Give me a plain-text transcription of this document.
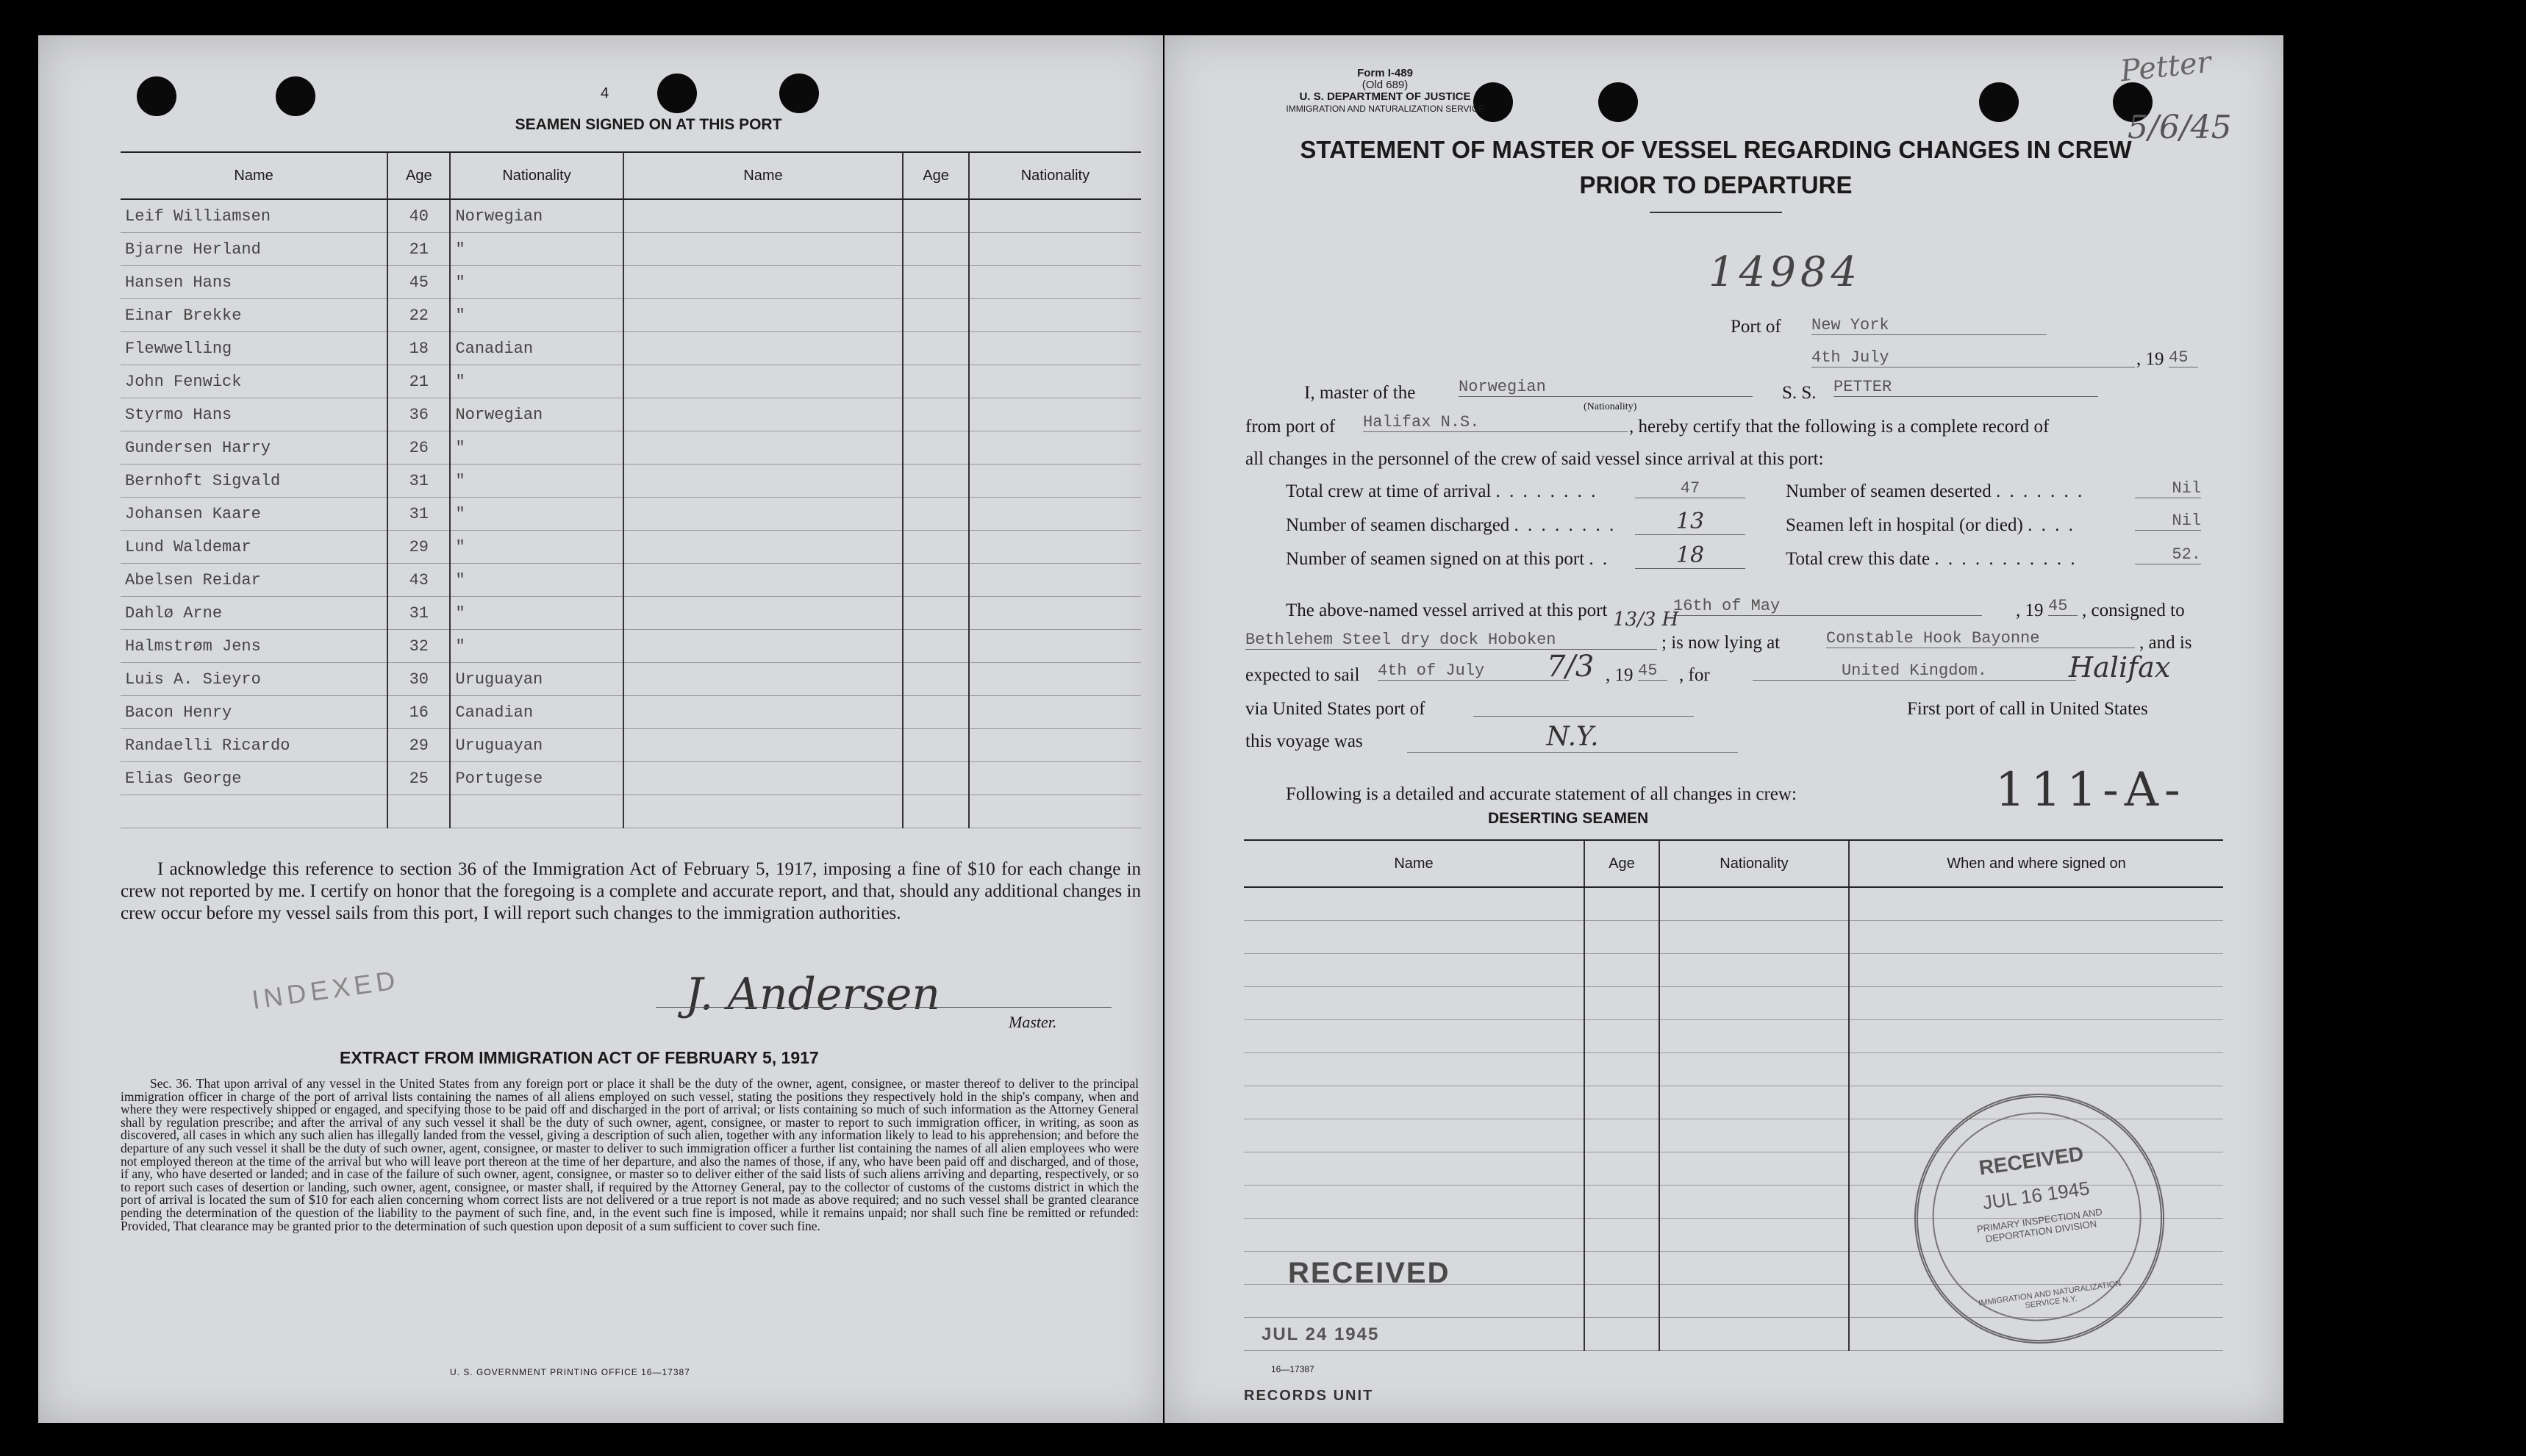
4
SEAMEN SIGNED ON AT THIS PORT
Name	Age	Nationality	Name	Age	Nationality
Leif Williamsen	40	Norwegian			
Bjarne Herland	21	"			
Hansen Hans	45	"			
Einar Brekke	22	"			
Flewwelling	18	Canadian			
John Fenwick	21	"			
Styrmo Hans	36	Norwegian			
Gundersen Harry	26	"			
Bernhoft Sigvald	31	"			
Johansen Kaare	31	"			
Lund Waldemar	29	"			
Abelsen Reidar	43	"			
Dahlø Arne	31	"			
Halmstrøm Jens	32	"			
Luis A. Sieyro	30	Uruguayan			
Bacon Henry	16	Canadian			
Randaelli Ricardo	29	Uruguayan			
Elias George	25	Portugese			

I acknowledge this reference to section 36 of the Immigration Act of February 5, 1917, imposing a fine of $10 for each change in crew not reported by me. I certify on honor that the foregoing is a complete and accurate report, and that, should any additional changes in crew occur before my vessel sails from this port, I will report such changes to the immigration authorities.
J. Andersen
Master.
INDEXED
EXTRACT FROM IMMIGRATION ACT OF FEBRUARY 5, 1917
Sec. 36. That upon arrival of any vessel in the United States from any foreign port or place it shall be the duty of the owner, agent, consignee, or master thereof to deliver to the principal immigration officer in charge of the port of arrival lists containing the names of all aliens employed on such vessel, stating the positions they respectively hold in the ship's company, when and where they were respectively shipped or engaged, and specifying those to be paid off and discharged in the port of arrival; or lists containing so much of such information as the Attorney General shall by regulation prescribe; and after the arrival of any such vessel it shall be the duty of such owner, agent, consignee, or master to report to such immigration officer, in writing, as soon as discovered, all cases in which any such alien has illegally landed from the vessel, giving a description of such alien, together with any information likely to lead to his apprehension; and before the departure of any such vessel it shall be the duty of such owner, agent, consignee, or master to deliver to such immigration officer a further list containing the names of all alien employees who were not employed thereon at the time of the arrival but who will leave port thereon at the time of her departure, and also the names of those, if any, who have been paid off and discharged, and of those, if any, who have deserted or landed; and in case of the failure of such owner, agent, consignee, or master so to deliver either of the said lists of such aliens arriving and departing, respectively, or so to report such cases of desertion or landing, such owner, agent, consignee, or master shall, if required by the Attorney General, pay to the collector of customs of the customs district in which the port of arrival is located the sum of $10 for each alien concerning whom correct lists are not delivered or a true report is not made as above required; and no such vessel shall be granted clearance pending the determination of the question of the liability to the payment of such fine, and, in the event such fine is imposed, while it remains unpaid; nor shall such fine be remitted or refunded: Provided, That clearance may be granted prior to the determination of such question upon deposit of a sum sufficient to cover such fine.
U. S. GOVERNMENT PRINTING OFFICE 16—17387
Form I-489
(Old 689)
U. S. DEPARTMENT OF JUSTICE
IMMIGRATION AND NATURALIZATION SERVICE
Petter
5/6/45
STATEMENT OF MASTER OF VESSEL REGARDING CHANGES IN CREW
PRIOR TO DEPARTURE
14984
Port of New York
4th July	, 19 45
I, master of the	Norwegian
(Nationality)
S. S. PETTER
from port of Halifax N.S.	, hereby certify that the following is a complete record of
all changes in the personnel of the crew of said vessel since arrival at this port:
Total crew at time of arrival . . . . . . . .	47	Number of seamen deserted . . . . . . .	Nil
Number of seamen discharged . . . . . . . .	13	Seamen left in hospital (or died) . . . .	Nil
Number of seamen signed on at this port . .	18	Total crew this date . . . . . . . . . . .	52.
The above-named vessel arrived at this port	16th of May	, 19 45 , consigned to
Bethlehem Steel dry dock Hoboken
13/3 H
; is now lying at	Constable Hook Bayonne	, and is
expected to sail 4th of July	7/3 , 19 45	, for	United Kingdom.	Halifax
via United States port of	First port of call in United States
this voyage was	N.Y.
Following is a detailed and accurate statement of all changes in crew:	111-A-
DESERTING SEAMEN
Name	Age	Nationality	When and where signed on

RECEIVED
JUL 16 1945
PRIMARY INSPECTION AND DEPORTATION DIVISION
IMMIGRATION AND NATURALIZATION SERVICE N.Y.
RECEIVED
JUL 24 1945
16—17387
RECORDS UNIT
